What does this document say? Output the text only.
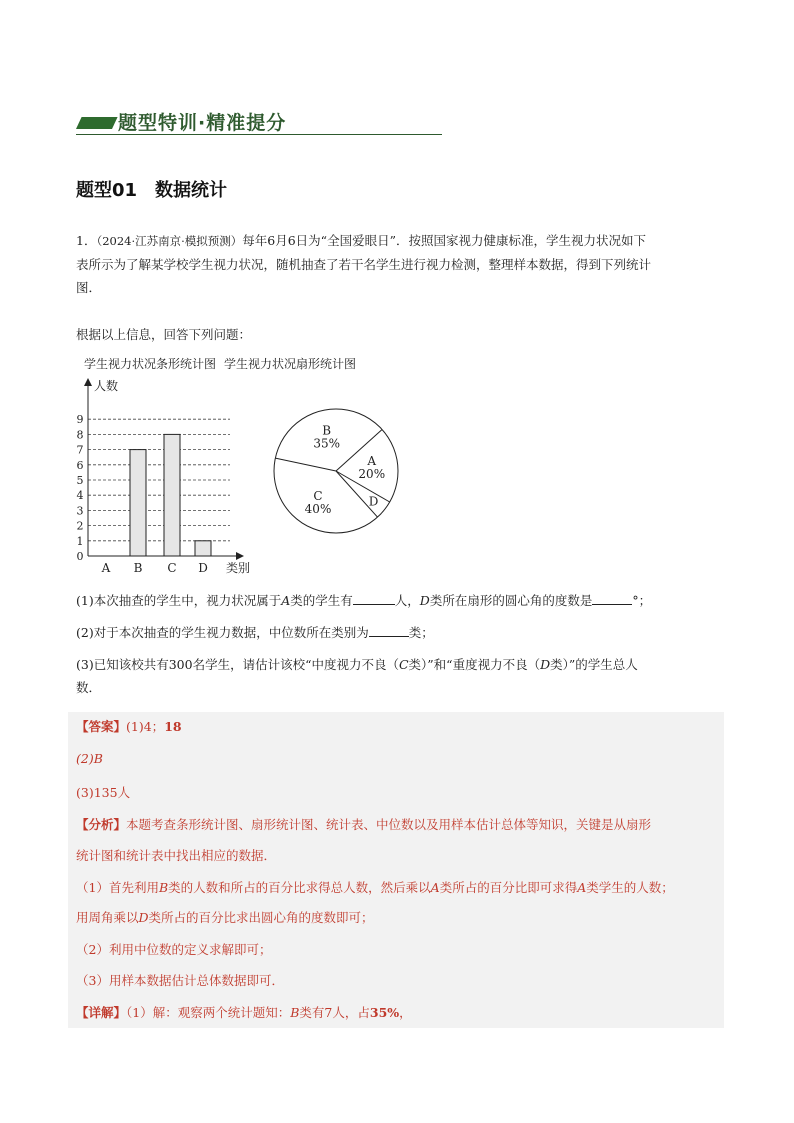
题型特训·精准提分
题型01　数据统计
1．（2024·江苏南京·模拟预测）每年6月6日为“全国爱眼日”．按照国家视力健康标准，学生视力状况如下
表所示为了解某学校学生视力状况，随机抽查了若干名学生进行视力检测，整理样本数据，得到下列统计
图．
根据以上信息，回答下列问题：
学生视力状况条形统计图 学生视力状况扇形统计图
0
1
2
3
4
5
6
7
8
9
人数
类别
A B C D
A
20%
B
35%
C
40%
D
(1)本次抽查的学生中，视力状况属于A类的学生有	人，D类所在扇形的圆心角的度数是	°；
(2)对于本次抽查的学生视力数据，中位数所在类别为	类；
(3)已知该校共有300名学生，请估计该校“中度视力不良（C类）”和“重度视力不良（D类）”的学生总人
数．
【答案】(1)4；18
(2)B
(3)135人
【分析】本题考查条形统计图、扇形统计图、统计表、中位数以及用样本估计总体等知识，关键是从扇形
统计图和统计表中找出相应的数据．
（1）首先利用B类的人数和所占的百分比求得总人数，然后乘以A类所占的百分比即可求得A类学生的人数；
用周角乘以D类所占的百分比求出圆心角的度数即可；
（2）利用中位数的定义求解即可；
（3）用样本数据估计总体数据即可．
【详解】（1）解：观察两个统计题知：B类有7人，占35%，
